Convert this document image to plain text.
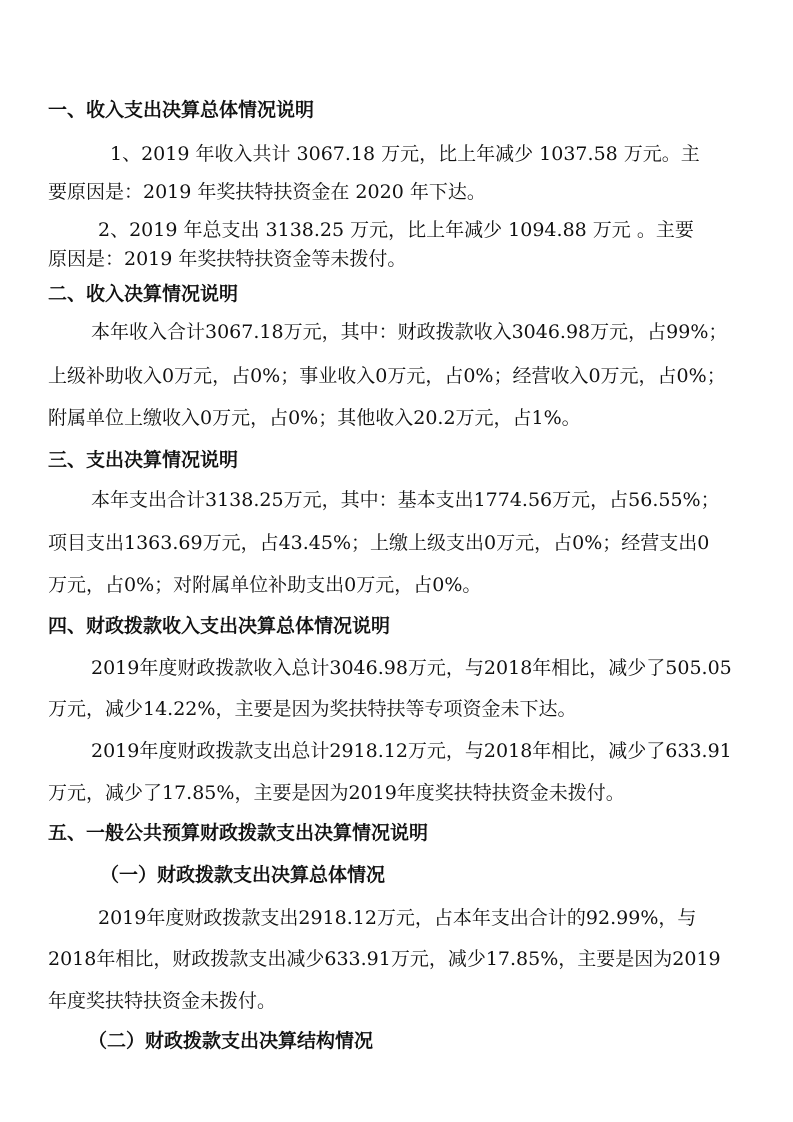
一、收入支出决算总体情况说明
1、2019 年收入共计 3067.18 万元，比上年减少 1037.58 万元。主
要原因是：2019 年奖扶特扶资金在 2020 年下达。
2、2019 年总支出 3138.25 万元，比上年减少 1094.88 万元 。主要
原因是：2019 年奖扶特扶资金等未拨付。
二、收入决算情况说明
本年收入合计3067.18万元，其中：财政拨款收入3046.98万元，占99%；
上级补助收入0万元，占0%；事业收入0万元，占0%；经营收入0万元，占0%；
附属单位上缴收入0万元，占0%；其他收入20.2万元，占1%。
三、支出决算情况说明
本年支出合计3138.25万元，其中：基本支出1774.56万元，占56.55%；
项目支出1363.69万元，占43.45%；上缴上级支出0万元，占0%；经营支出0
万元，占0%；对附属单位补助支出0万元，占0%。
四、财政拨款收入支出决算总体情况说明
2019年度财政拨款收入总计3046.98万元，与2018年相比，减少了505.05
万元，减少14.22%，主要是因为奖扶特扶等专项资金未下达。
2019年度财政拨款支出总计2918.12万元，与2018年相比，减少了633.91
万元，减少了17.85%，主要是因为2019年度奖扶特扶资金未拨付。
五、一般公共预算财政拨款支出决算情况说明
（一）财政拨款支出决算总体情况
2019年度财政拨款支出2918.12万元，占本年支出合计的92.99%，与
2018年相比，财政拨款支出减少633.91万元，减少17.85%，主要是因为2019
年度奖扶特扶资金未拨付。
（二）财政拨款支出决算结构情况
